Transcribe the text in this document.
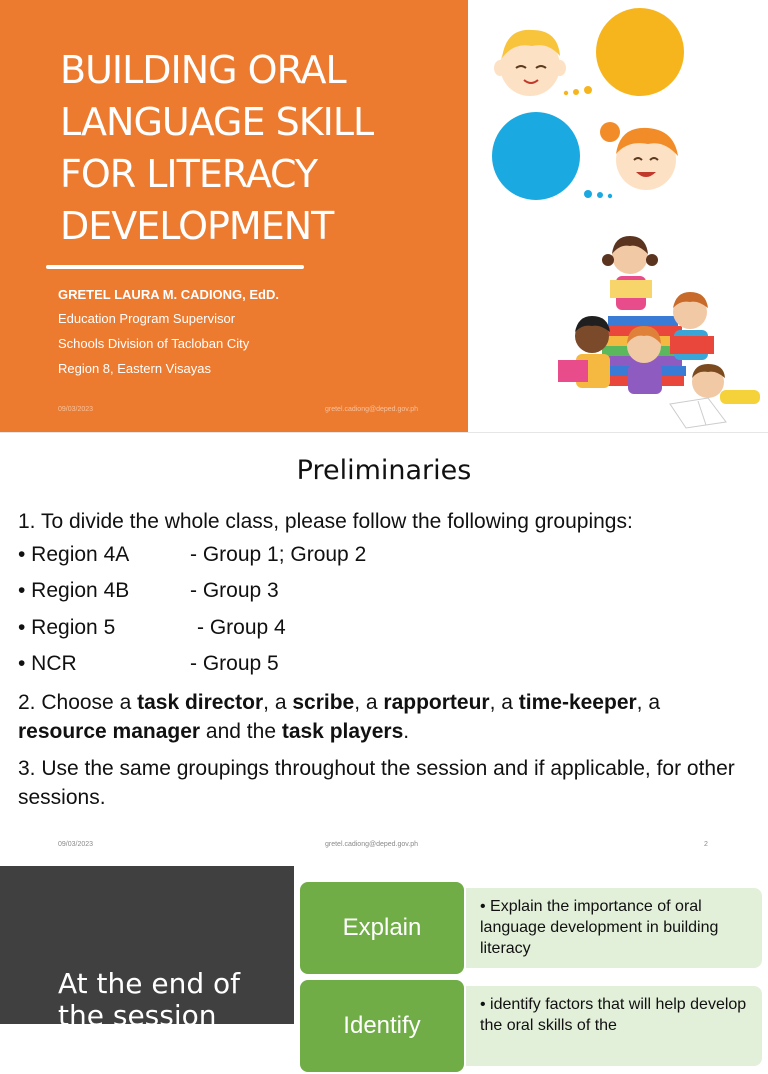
BUILDING ORAL
LANGUAGE SKILL
FOR LITERACY
DEVELOPMENT
GRETEL LAURA M. CADIONG, EdD.
Education Program Supervisor
Schools Division of Tacloban City
Region 8, Eastern Visayas
09/03/2023	gretel.cadiong@deped.gov.ph
Preliminaries
1. To divide the whole class, please follow the following groupings:
• Region 4A	- Group 1; Group 2
• Region 4B	- Group 3
• Region 5	- Group 4
• NCR	- Group 5
2. Choose a task director, a scribe, a rapporteur, a time-keeper, a
resource manager and the task players.
3. Use the same groupings throughout the session and if applicable, for other sessions.
09/03/2023	gretel.cadiong@deped.gov.ph	2
At the end of the session
• Explain the importance of oral language development in building literacy
Explain
• identify factors that will help develop the oral skills of the
Identify
